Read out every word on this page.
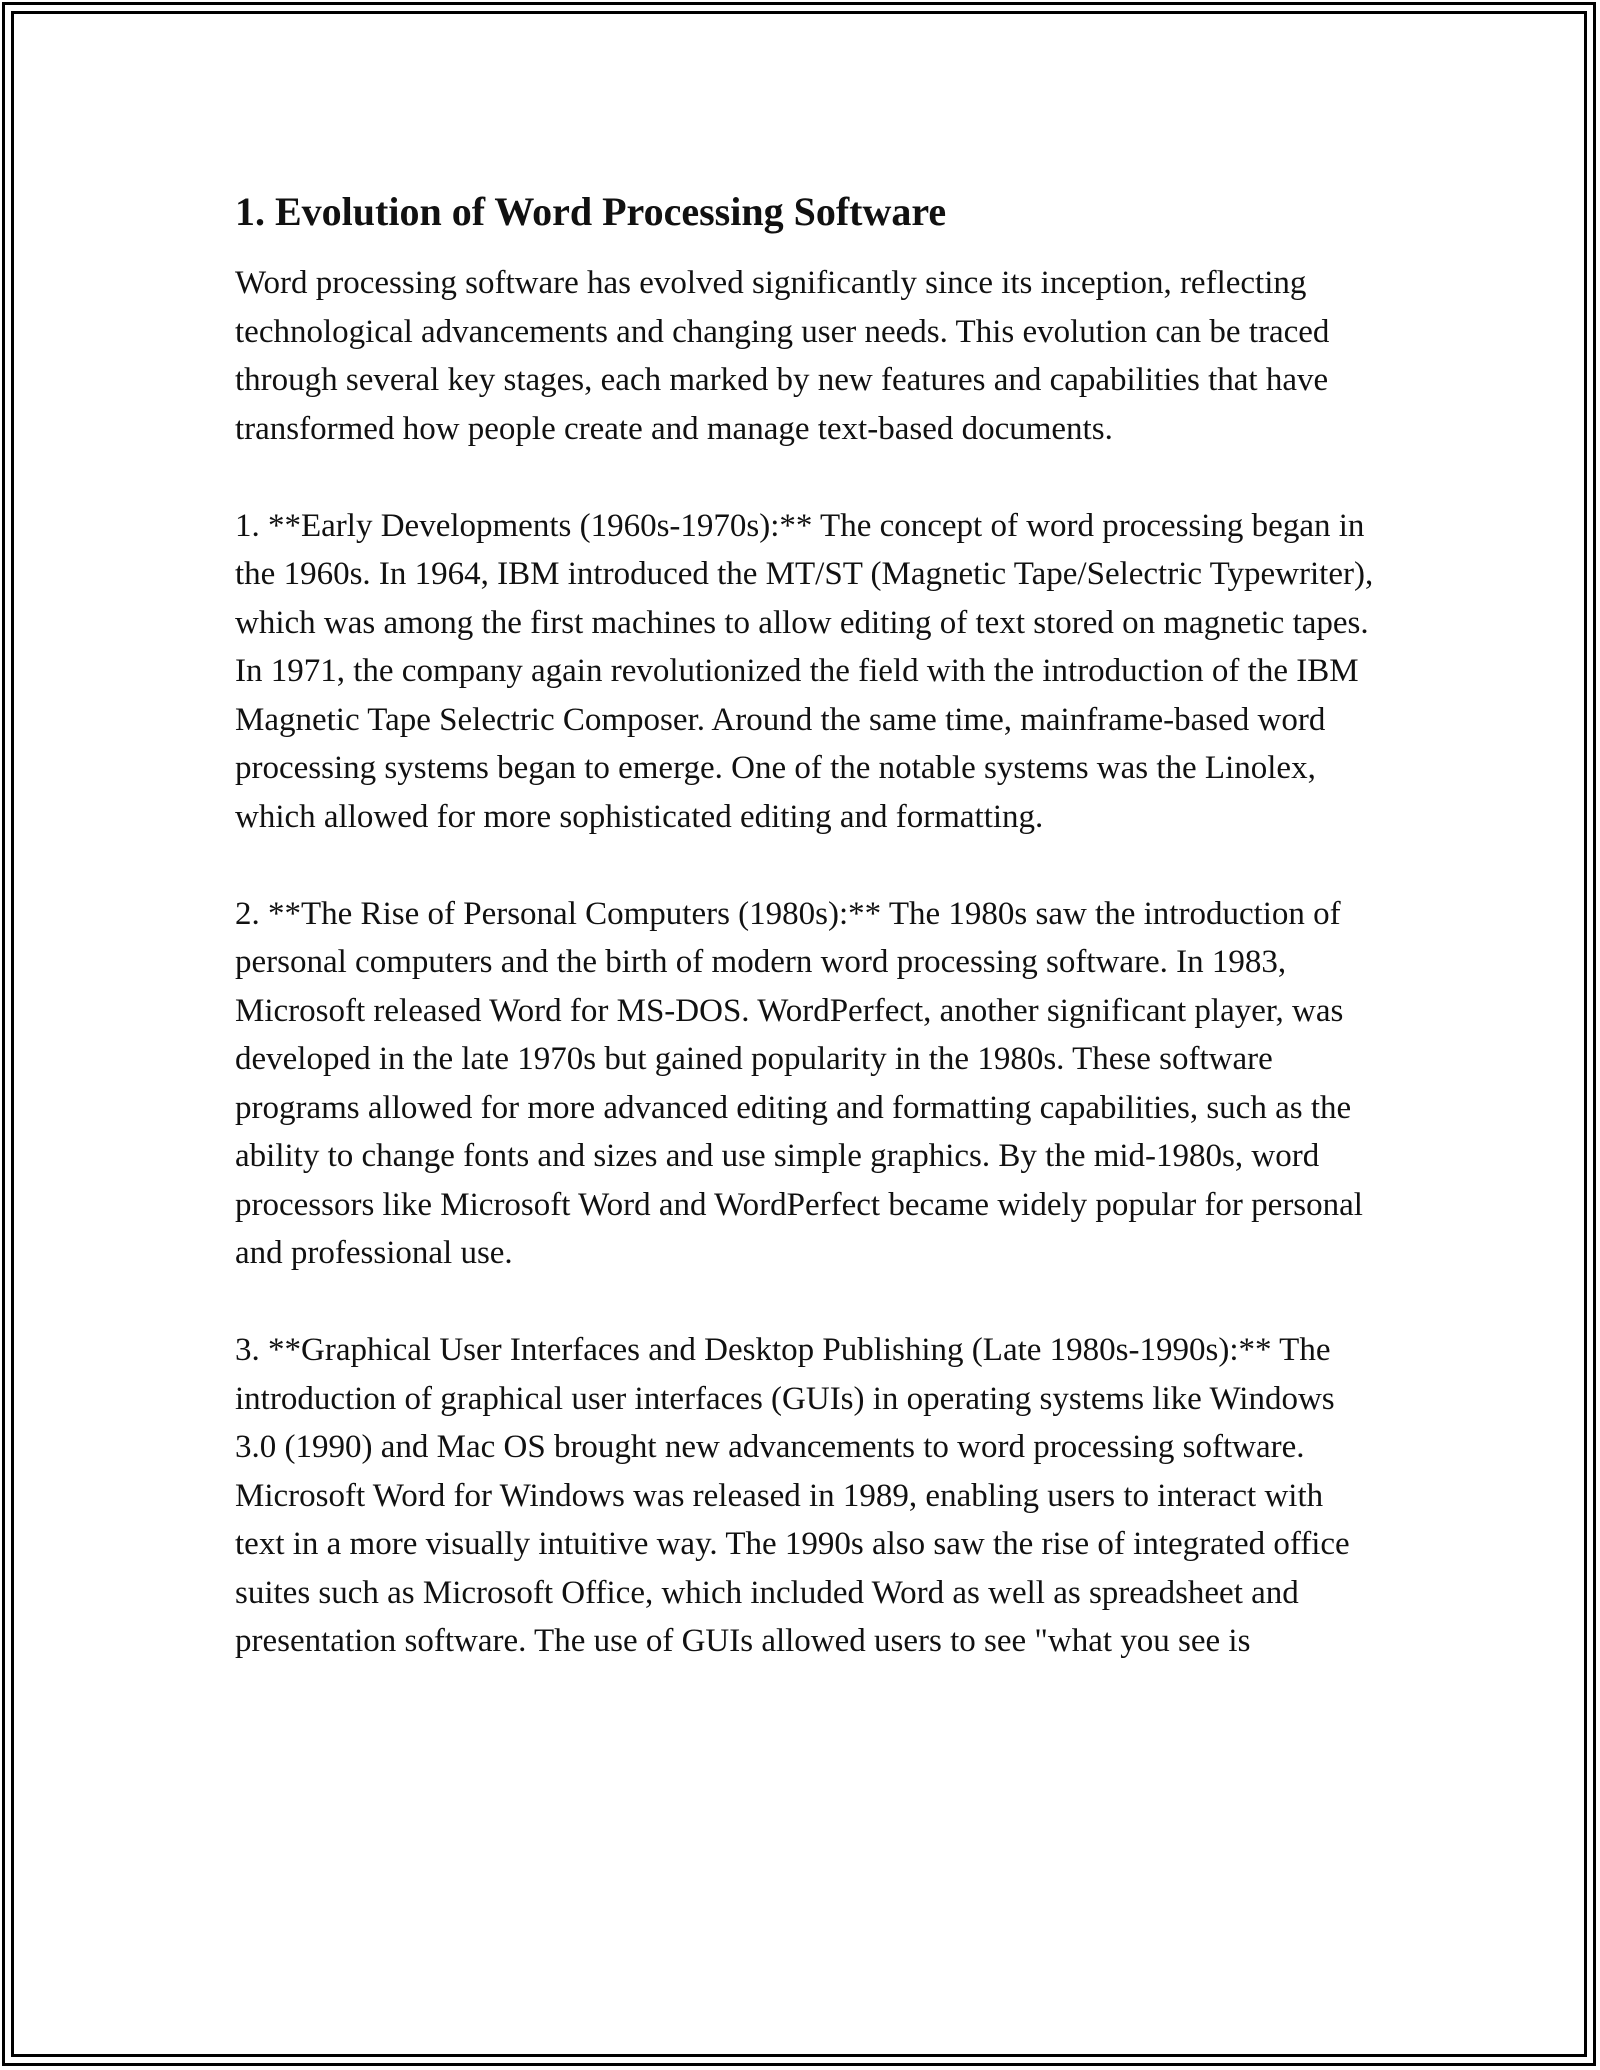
1. Evolution of Word Processing Software

Word processing software has evolved significantly since its inception, reflecting technological advancements and changing user needs. This evolution can be traced through several key stages, each marked by new features and capabilities that have transformed how people create and manage text-based documents.

1. **Early Developments (1960s-1970s):** The concept of word processing began in the 1960s. In 1964, IBM introduced the MT/ST (Magnetic Tape/Selectric Typewriter), which was among the first machines to allow editing of text stored on magnetic tapes. In 1971, the company again revolutionized the field with the introduction of the IBM Magnetic Tape Selectric Composer. Around the same time, mainframe-based word processing systems began to emerge. One of the notable systems was the Linolex, which allowed for more sophisticated editing and formatting.

2. **The Rise of Personal Computers (1980s):** The 1980s saw the introduction of personal computers and the birth of modern word processing software. In 1983, Microsoft released Word for MS-DOS. WordPerfect, another significant player, was developed in the late 1970s but gained popularity in the 1980s. These software programs allowed for more advanced editing and formatting capabilities, such as the ability to change fonts and sizes and use simple graphics. By the mid-1980s, word processors like Microsoft Word and WordPerfect became widely popular for personal and professional use.

3. **Graphical User Interfaces and Desktop Publishing (Late 1980s-1990s):** The introduction of graphical user interfaces (GUIs) in operating systems like Windows 3.0 (1990) and Mac OS brought new advancements to word processing software. Microsoft Word for Windows was released in 1989, enabling users to interact with text in a more visually intuitive way. The 1990s also saw the rise of integrated office suites such as Microsoft Office, which included Word as well as spreadsheet and presentation software. The use of GUIs allowed users to see "what you see is
